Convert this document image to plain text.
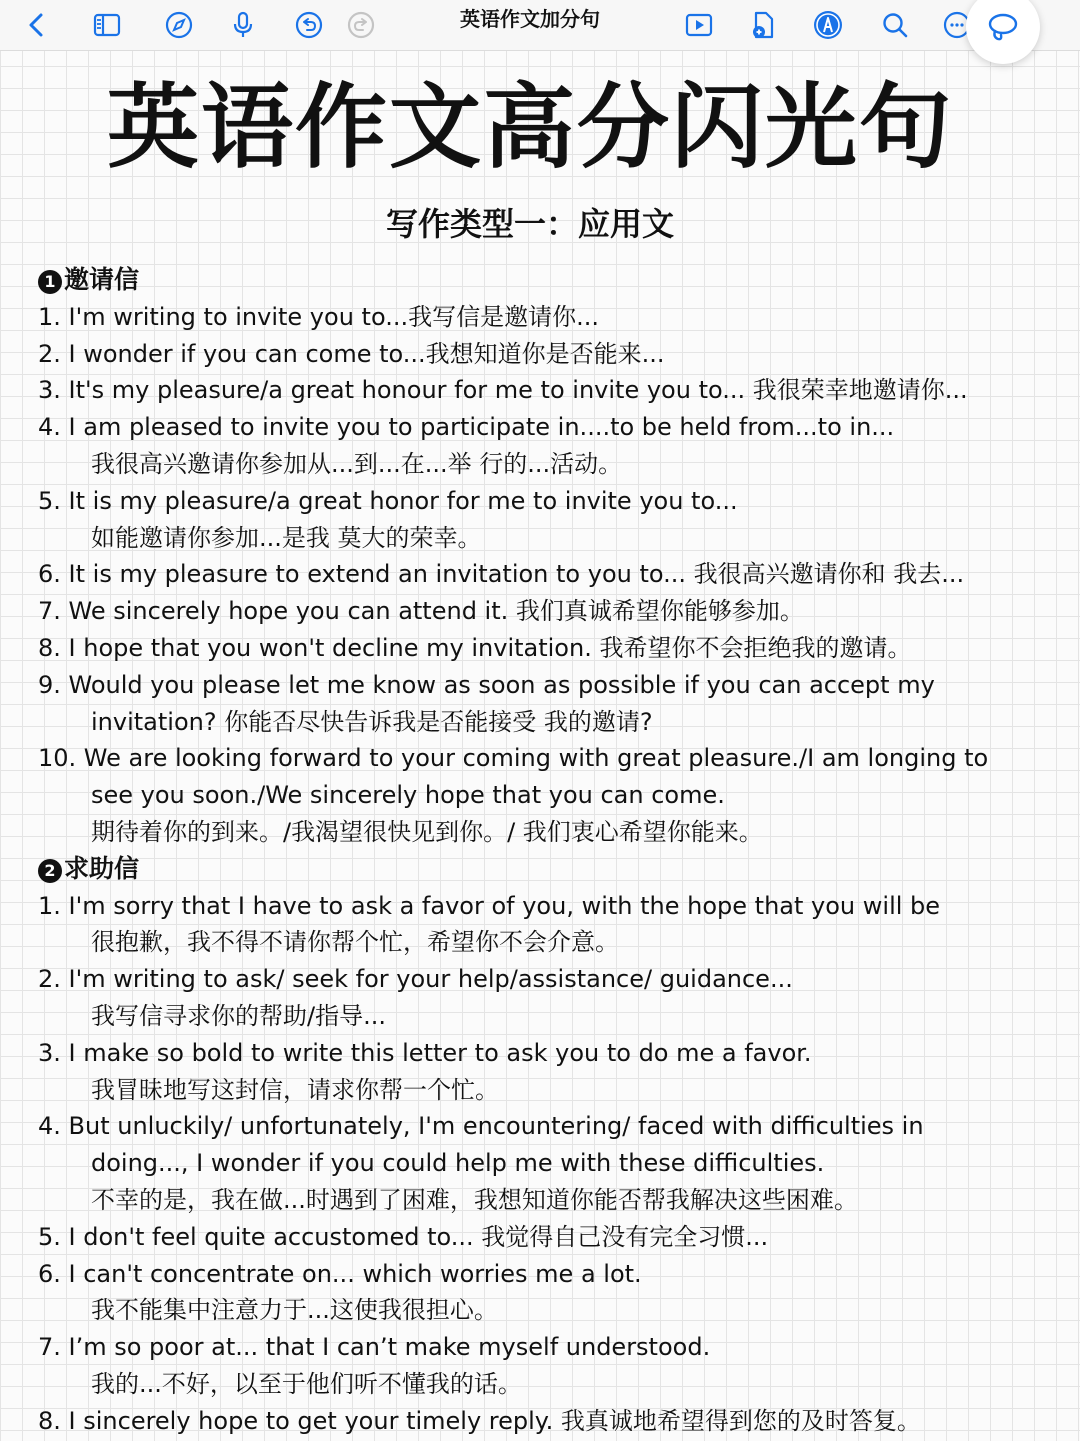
英语作文加分句
英语作文高分闪光句
写作类型一：应用文
1 邀请信
1. I'm writing to invite you to...我写信是邀请你...
2. I wonder if you can come to...我想知道你是否能来...
3. It's my pleasure/a great honour for me to invite you to... 我很荣幸地邀请你...
4. I am pleased to invite you to participate in....to be held from...to in...
我很高兴邀请你参加从...到...在...举 行的...活动。
5. It is my pleasure/a great honor for me to invite you to...
如能邀请你参加...是我 莫大的荣幸。
6. It is my pleasure to extend an invitation to you to... 我很高兴邀请你和 我去...
7. We sincerely hope you can attend it. 我们真诚希望你能够参加。
8. I hope that you won't decline my invitation. 我希望你不会拒绝我的邀请。
9. Would you please let me know as soon as possible if you can accept my
invitation? 你能否尽快告诉我是否能接受 我的邀请?
10. We are looking forward to your coming with great pleasure./I am longing to
see you soon./We sincerely hope that you can come.
期待着你的到来。/我渴望很快见到你。/ 我们衷心希望你能来。
2 求助信
1. I'm sorry that I have to ask a favor of you, with the hope that you will be
很抱歉，我不得不请你帮个忙，希望你不会介意。
2. I'm writing to ask/ seek for your help/assistance/ guidance...
我写信寻求你的帮助/指导...
3. I make so bold to write this letter to ask you to do me a favor.
我冒昧地写这封信，请求你帮一个忙。
4. But unluckily/ unfortunately, I'm encountering/ faced with difficulties in
doing..., I wonder if you could help me with these difficulties.
不幸的是，我在做...时遇到了困难，我想知道你能否帮我解决这些困难。
5. I don't feel quite accustomed to... 我觉得自己没有完全习惯...
6. I can't concentrate on... which worries me a lot.
我不能集中注意力于...这使我很担心。
7. I’m so poor at... that I can’t make myself understood.
我的...不好，以至于他们听不懂我的话。
8. I sincerely hope to get your timely reply. 我真诚地希望得到您的及时答复。
